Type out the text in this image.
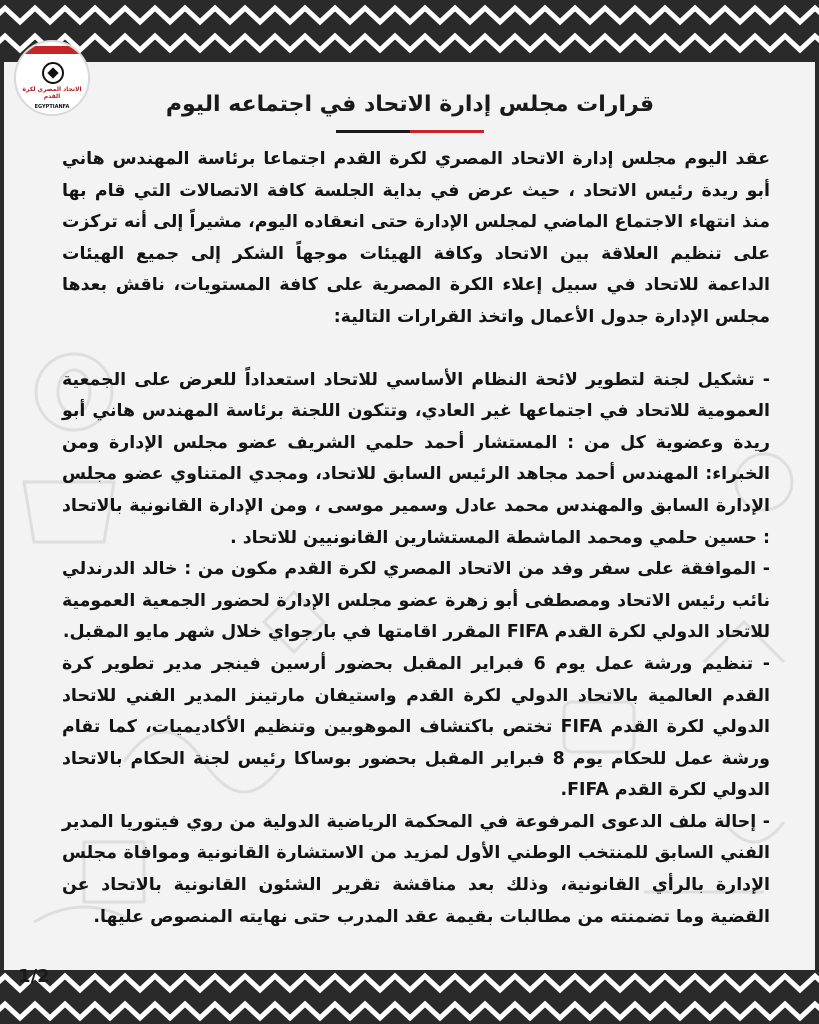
الاتحاد المصري لكرة القدم
EGYPTIANFA	قرارات مجلس إدارة الاتحاد في اجتماعه اليوم

عقد اليوم مجلس إدارة الاتحاد المصري لكرة القدم اجتماعا برئاسة المهندس هاني أبو ريدة رئيس الاتحاد ، حيث عرض في بداية الجلسة كافة الاتصالات التي قام بها منذ انتهاء الاجتماع الماضي لمجلس الإدارة حتى انعقاده اليوم، مشيراً إلى أنه تركزت على تنظيم العلاقة بين الاتحاد وكافة الهيئات موجهاً الشكر إلى جميع الهيئات الداعمة للاتحاد في سبيل إعلاء الكرة المصرية على كافة المستويات، ناقش بعدها مجلس الإدارة جدول الأعمال واتخذ القرارات التالية:

- تشكيل لجنة لتطوير لائحة النظام الأساسي للاتحاد استعداداً للعرض على الجمعية العمومية للاتحاد في اجتماعها غير العادي، وتتكون اللجنة برئاسة المهندس هاني أبو ريدة وعضوية كل من : المستشار أحمد حلمي الشريف عضو مجلس الإدارة ومن الخبراء: المهندس أحمد مجاهد الرئيس السابق للاتحاد، ومجدي المتناوي عضو مجلس الإدارة السابق والمهندس محمد عادل وسمير موسى ، ومن الإدارة القانونية بالاتحاد : حسين حلمي ومحمد الماشطة المستشارين القانونيين للاتحاد .

- الموافقة على سفر وفد من الاتحاد المصري لكرة القدم مكون من : خالد الدرندلي نائب رئيس الاتحاد ومصطفى أبو زهرة عضو مجلس الإدارة لحضور الجمعية العمومية للاتحاد الدولي لكرة القدم FIFA المقرر اقامتها في بارجواي خلال شهر مايو المقبل.

- تنظيم ورشة عمل يوم 6 فبراير المقبل بحضور أرسين فينجر مدير تطوير كرة القدم العالمية بالاتحاد الدولي لكرة القدم واستيفان مارتينز المدير الفني للاتحاد الدولي لكرة القدم FIFA تختص باكتشاف الموهوبين وتنظيم الأكاديميات، كما تقام ورشة عمل للحكام يوم 8 فبراير المقبل بحضور بوساكا رئيس لجنة الحكام بالاتحاد الدولي لكرة القدم FIFA.

- إحالة ملف الدعوى المرفوعة في المحكمة الرياضية الدولية من روي فيتوريا المدير الفني السابق للمنتخب الوطني الأول لمزيد من الاستشارة القانونية وموافاة مجلس الإدارة بالرأي القانونية، وذلك بعد مناقشة تقرير الشئون القانونية بالاتحاد عن القضية وما تضمنته من مطالبات بقيمة عقد المدرب حتى نهايته المنصوص عليها.

1/2
